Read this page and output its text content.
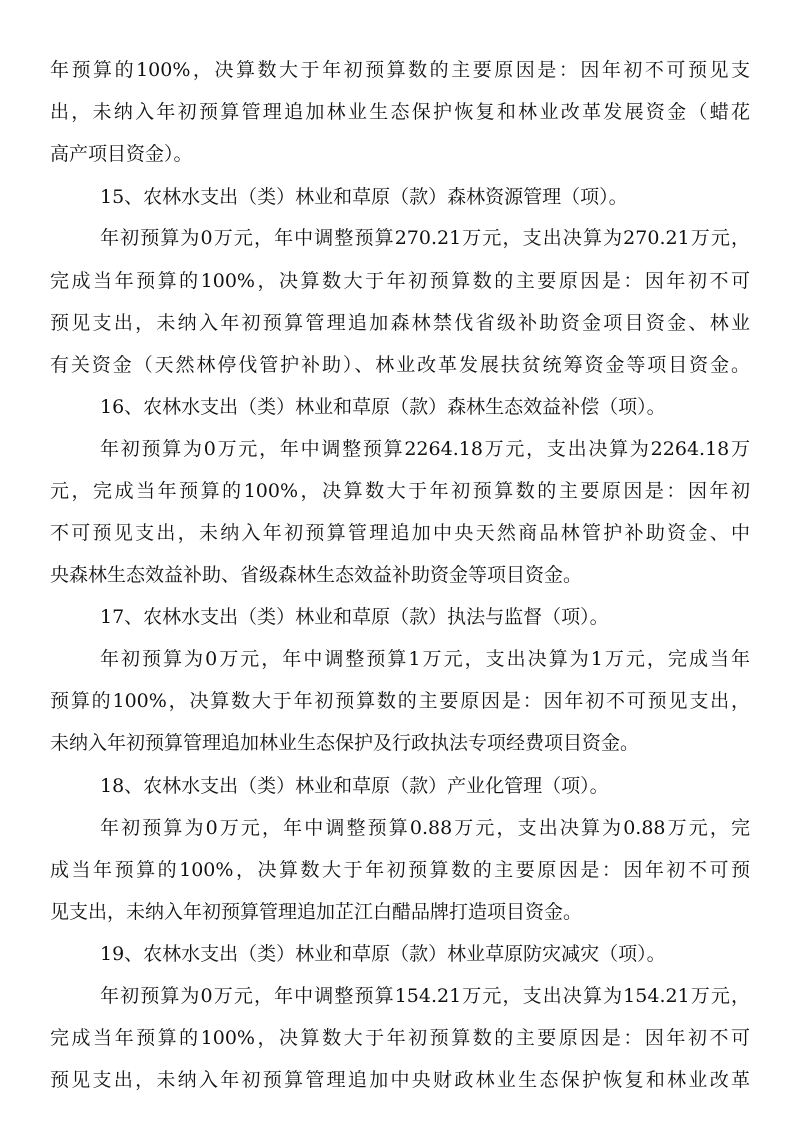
年预算的100%，决算数大于年初预算数的主要原因是：因年初不可预见支
出，未纳入年初预算管理追加林业生态保护恢复和林业改革发展资金（蜡花
高产项目资金）。
15、农林水支出（类）林业和草原（款）森林资源管理（项）。
年初预算为0万元，年中调整预算270.21万元，支出决算为270.21万元，
完成当年预算的100%，决算数大于年初预算数的主要原因是：因年初不可
预见支出，未纳入年初预算管理追加森林禁伐省级补助资金项目资金、林业
有关资金（天然林停伐管护补助）、林业改革发展扶贫统筹资金等项目资金。
16、农林水支出（类）林业和草原（款）森林生态效益补偿（项）。
年初预算为0万元，年中调整预算2264.18万元，支出决算为2264.18万
元，完成当年预算的100%，决算数大于年初预算数的主要原因是：因年初
不可预见支出，未纳入年初预算管理追加中央天然商品林管护补助资金、中
央森林生态效益补助、省级森林生态效益补助资金等项目资金。
17、农林水支出（类）林业和草原（款）执法与监督（项）。
年初预算为0万元，年中调整预算1万元，支出决算为1万元，完成当年
预算的100%，决算数大于年初预算数的主要原因是：因年初不可预见支出，
未纳入年初预算管理追加林业生态保护及行政执法专项经费项目资金。
18、农林水支出（类）林业和草原（款）产业化管理（项）。
年初预算为0万元，年中调整预算0.88万元，支出决算为0.88万元，完
成当年预算的100%，决算数大于年初预算数的主要原因是：因年初不可预
见支出，未纳入年初预算管理追加芷江白醋品牌打造项目资金。
19、农林水支出（类）林业和草原（款）林业草原防灾减灾（项）。
年初预算为0万元，年中调整预算154.21万元，支出决算为154.21万元，
完成当年预算的100%，决算数大于年初预算数的主要原因是：因年初不可
预见支出，未纳入年初预算管理追加中央财政林业生态保护恢复和林业改革
